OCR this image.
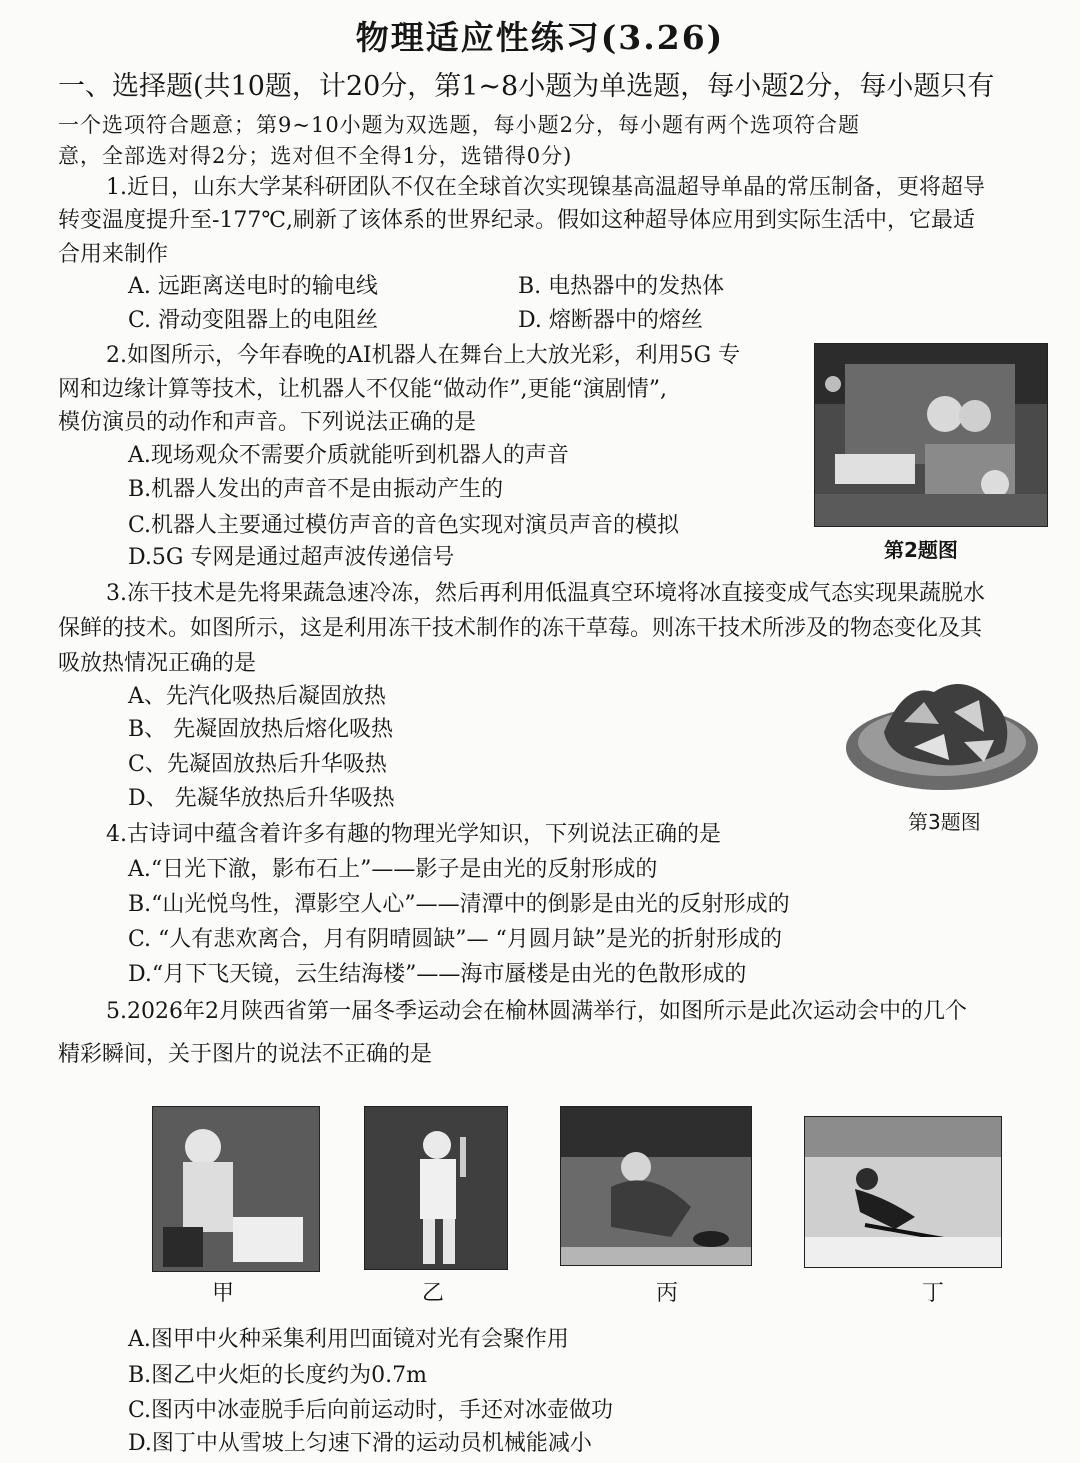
物理适应性练习(3.26)
一、选择题(共10题，计20分，第1~8小题为单选题，每小题2分，每小题只有
一个选项符合题意；第9~10小题为双选题，每小题2分，每小题有两个选项符合题
意，全部选对得2分；选对但不全得1分，选错得0分)
1.近日，山东大学某科研团队不仅在全球首次实现镍基高温超导单晶的常压制备，更将超导
转变温度提升至-177℃,刷新了该体系的世界纪录。假如这种超导体应用到实际生活中，它最适
合用来制作
A. 远距离送电时的输电线	B. 电热器中的发热体
C. 滑动变阻器上的电阻丝	D. 熔断器中的熔丝
2.如图所示，今年春晚的AI机器人在舞台上大放光彩，利用5G 专
网和边缘计算等技术，让机器人不仅能“做动作”,更能“演剧情”,
模仿演员的动作和声音。下列说法正确的是
A.现场观众不需要介质就能听到机器人的声音
B.机器人发出的声音不是由振动产生的
C.机器人主要通过模仿声音的音色实现对演员声音的模拟
D.5G 专网是通过超声波传递信号	第2题图
3.冻干技术是先将果蔬急速冷冻，然后再利用低温真空环境将冰直接变成气态实现果蔬脱水
保鲜的技术。如图所示，这是利用冻干技术制作的冻干草莓。则冻干技术所涉及的物态变化及其
吸放热情况正确的是
A、先汽化吸热后凝固放热
B、 先凝固放热后熔化吸热
C、先凝固放热后升华吸热
D、 先凝华放热后升华吸热
第3题图
4.古诗词中蕴含着许多有趣的物理光学知识，下列说法正确的是
A.“日光下澈，影布石上”——影子是由光的反射形成的
B.“山光悦鸟性，潭影空人心”——清潭中的倒影是由光的反射形成的
C. “人有悲欢离合，月有阴晴圆缺”— “月圆月缺”是光的折射形成的
D.“月下飞天镜，云生结海楼”——海市蜃楼是由光的色散形成的
5.2026年2月陕西省第一届冬季运动会在榆林圆满举行，如图所示是此次运动会中的几个
精彩瞬间，关于图片的说法不正确的是
甲	乙	丙	丁
A.图甲中火种采集利用凹面镜对光有会聚作用
B.图乙中火炬的长度约为0.7m
C.图丙中冰壶脱手后向前运动时，手还对冰壶做功
D.图丁中从雪坡上匀速下滑的运动员机械能减小
